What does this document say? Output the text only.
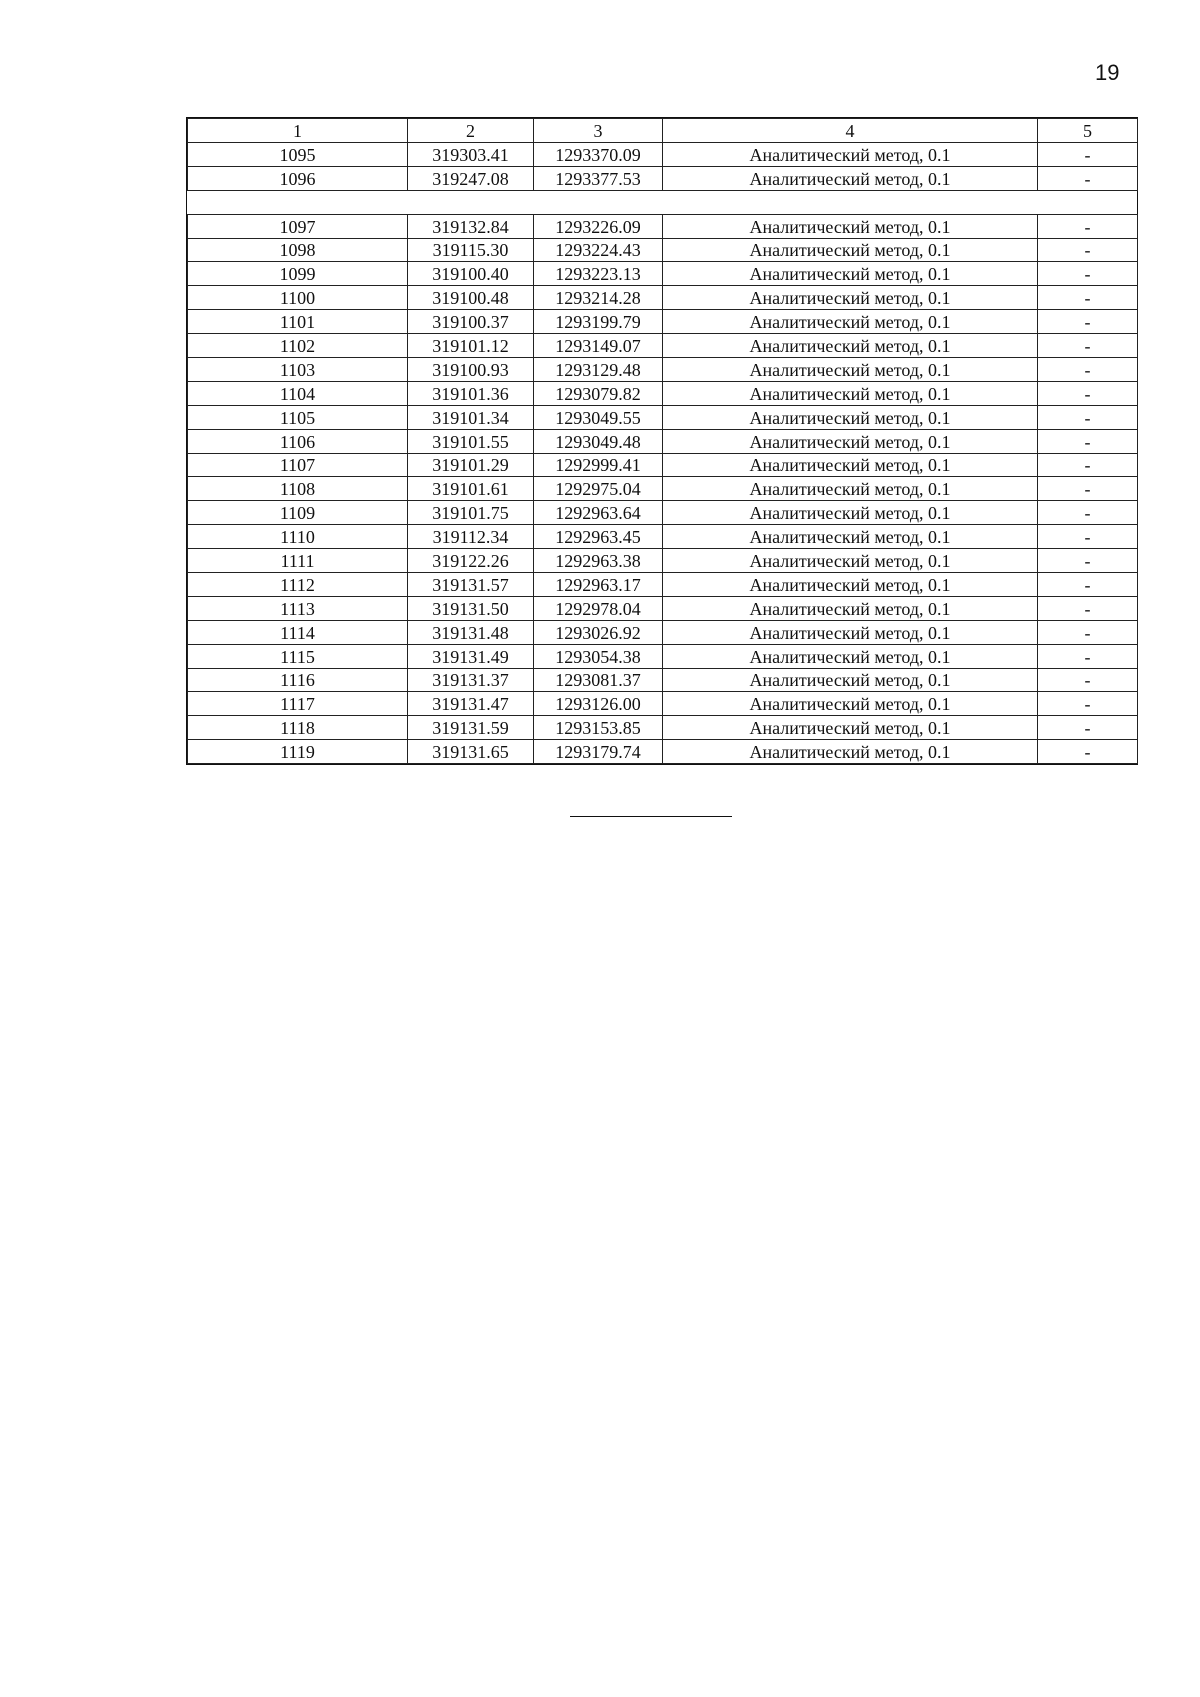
19
1	2	3	4	5
1095	319303.41	1293370.09	Аналитический метод, 0.1	-
1096	319247.08	1293377.53	Аналитический метод, 0.1	-

1097	319132.84	1293226.09	Аналитический метод, 0.1	-
1098	319115.30	1293224.43	Аналитический метод, 0.1	-
1099	319100.40	1293223.13	Аналитический метод, 0.1	-
1100	319100.48	1293214.28	Аналитический метод, 0.1	-
1101	319100.37	1293199.79	Аналитический метод, 0.1	-
1102	319101.12	1293149.07	Аналитический метод, 0.1	-
1103	319100.93	1293129.48	Аналитический метод, 0.1	-
1104	319101.36	1293079.82	Аналитический метод, 0.1	-
1105	319101.34	1293049.55	Аналитический метод, 0.1	-
1106	319101.55	1293049.48	Аналитический метод, 0.1	-
1107	319101.29	1292999.41	Аналитический метод, 0.1	-
1108	319101.61	1292975.04	Аналитический метод, 0.1	-
1109	319101.75	1292963.64	Аналитический метод, 0.1	-
1110	319112.34	1292963.45	Аналитический метод, 0.1	-
1111	319122.26	1292963.38	Аналитический метод, 0.1	-
1112	319131.57	1292963.17	Аналитический метод, 0.1	-
1113	319131.50	1292978.04	Аналитический метод, 0.1	-
1114	319131.48	1293026.92	Аналитический метод, 0.1	-
1115	319131.49	1293054.38	Аналитический метод, 0.1	-
1116	319131.37	1293081.37	Аналитический метод, 0.1	-
1117	319131.47	1293126.00	Аналитический метод, 0.1	-
1118	319131.59	1293153.85	Аналитический метод, 0.1	-
1119	319131.65	1293179.74	Аналитический метод, 0.1	-
